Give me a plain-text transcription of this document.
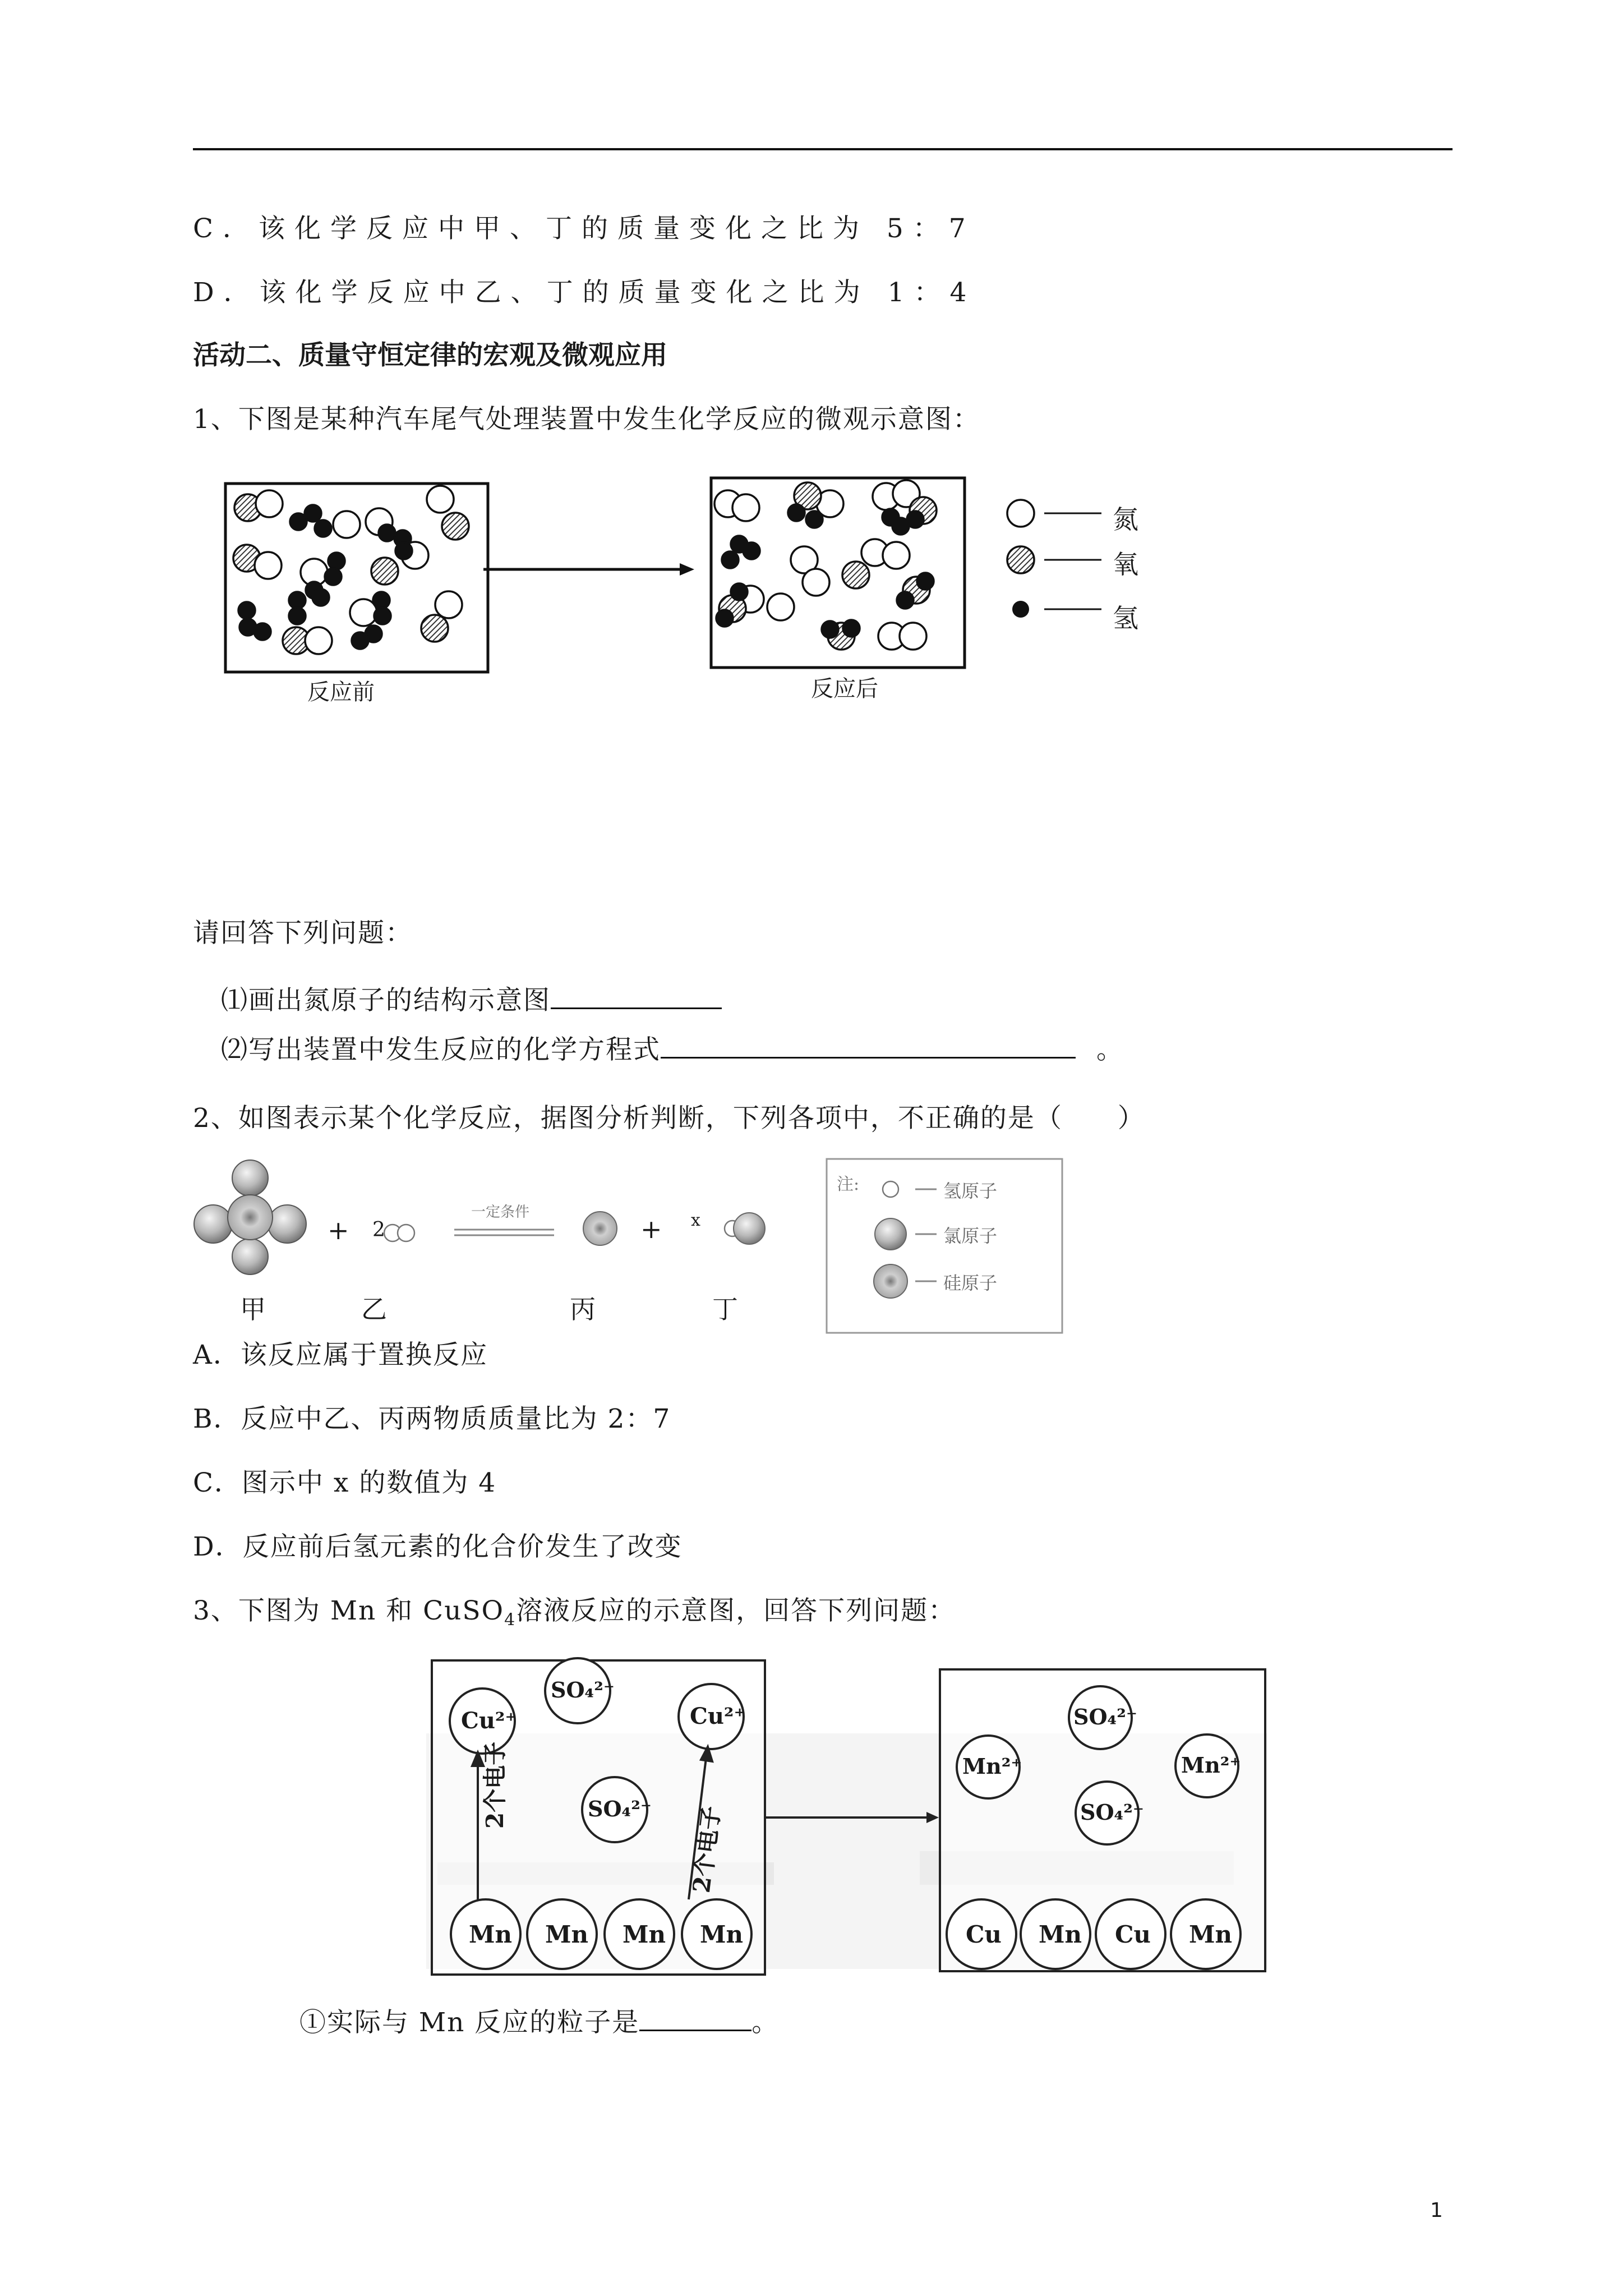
C．该化学反应中甲、丁的质量变化之比为 5：7
D．该化学反应中乙、丁的质量变化之比为 1：4
活动二、质量守恒定律的宏观及微观应用
1、下图是某种汽车尾气处理装置中发生化学反应的微观示意图：
氮
氧
氢
反应前	反应后
请回答下列问题：
⑴画出氮原子的结构示意图
⑵写出装置中发生反应的化学方程式	。
2、如图表示某个化学反应，据图分析判断，下列各项中，不正确的是（　　）
+ 2
一定条件
+ x
注:	氢原子
氯原子
硅原子
甲	乙	丙	丁
A．该反应属于置换反应
B．反应中乙、丙两物质质量比为 2：7
C．图示中 x 的数值为 4
D．反应前后氢元素的化合价发生了改变
3、下图为 Mn 和 CuSO$_4$溶液反应的示意图，回答下列问题：
Cu²⁺
SO₄²⁻
Cu²⁺
SO₄²⁻
2个电子
2个电子
Mn Mn Mn Mn
Mn²⁺
SO₄²⁻
Mn²⁺
SO₄²⁻
Cu Mn Cu Mn
①实际与 Mn 反应的粒子是	。
1
